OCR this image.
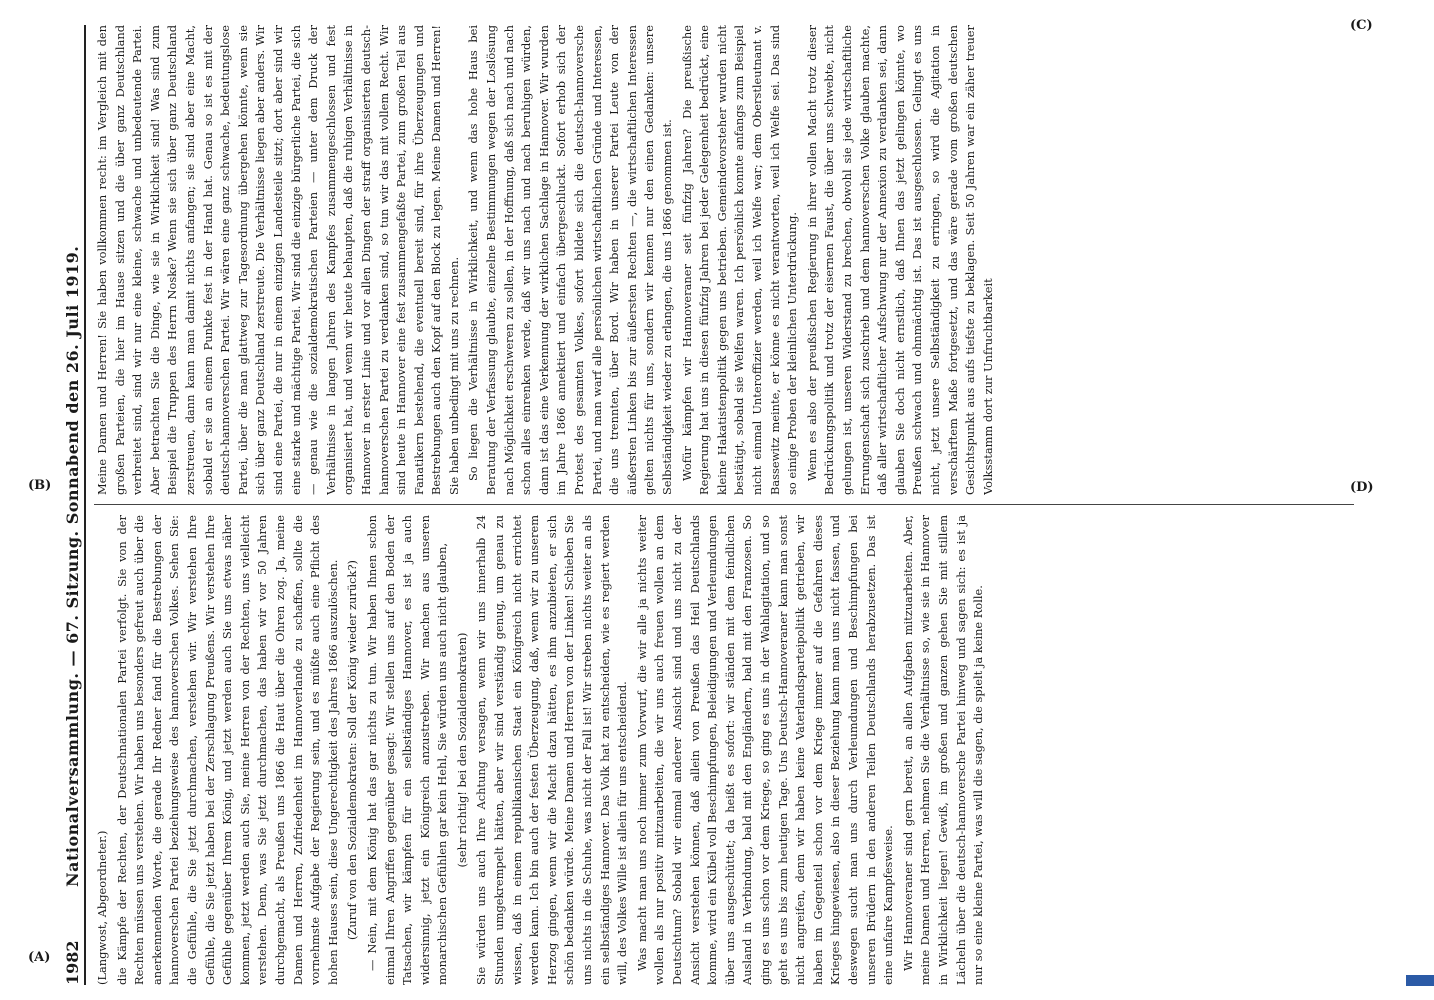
1982
Nationalversammlung. — 67. Sitzung. Sonnabend den 26. Juli 1919.

(Langwost, Abgeordneter.) die Kämpfe der Rechten, der Deutschnationalen Partei verfolgt. Sie von der Rechten müssen uns verstehen. Wir haben uns besonders gefreut auch über die anerkennenden Worte, die gerade Ihr Redner fand für die Bestrebungen der hannoverschen Partei beziehungsweise des hannoverschen Volkes. Sehen Sie: die Gefühle, die Sie jetzt durchmachen, verstehen wir. Wir verstehen Ihre Gefühle, die Sie jetzt haben bei der Zerschlagung Preußens. Wir verstehen Ihre Gefühle gegenüber Ihrem König, und jetzt werden auch Sie uns etwas näher kommen, jetzt werden auch Sie, meine Herren von der Rechten, uns vielleicht verstehen. Denn, was Sie jetzt durchmachen, das haben wir vor 50 Jahren durchgemacht, als Preußen uns 1866 die Haut über die Ohren zog. Ja, meine Damen und Herren, Zufriedenheit im Hannoverlande zu schaffen, sollte die vornehmste Aufgabe der Regierung sein, und es müßte auch eine Pflicht des hohen Hauses sein, diese Ungerechtigkeit des Jahres 1866 auszulöschen. (Zuruf von den Sozialdemokraten: Soll der König wieder zurück?) — Nein, mit dem König hat das gar nichts zu tun. Wir haben Ihnen schon einmal Ihren Angriffen gegenüber gesagt: Wir stellen uns auf den Boden der Tatsachen, wir kämpfen für ein selbständiges Hannover, es ist ja auch widersinnig, jetzt ein Königreich anzustreben. Wir machen aus unseren monarchischen Gefühlen gar kein Hehl, Sie würden uns auch nicht glauben, (sehr richtig! bei den Sozialdemokraten) Sie würden uns auch Ihre Achtung versagen, wenn wir uns innerhalb 24 Stunden umgekrempelt hätten, aber wir sind verständig genug, um genau zu wissen, daß in einem republikanischen Staat ein Königreich nicht errichtet werden kann. Ich bin auch der festen Überzeugung, daß, wenn wir zu unserem Herzog gingen, wenn wir die Macht dazu hätten, es ihm anzubieten, er sich schön bedanken würde. Meine Damen und Herren von der Linken! Schieben Sie uns nichts in die Schuhe, was nicht der Fall ist! Wir streben nichts weiter an als ein selbständiges Hannover. Das Volk hat zu entscheiden, wie es regiert werden will, des Volkes Wille ist allein für uns entscheidend. Was macht man uns noch immer zum Vorwurf, die wir alle ja nichts weiter wollen als nur positiv mitzuarbeiten, die wir uns auch freuen wollen an dem Deutschtum? Sobald wir einmal anderer Ansicht sind und uns nicht zu der Ansicht verstehen können, daß allein von Preußen das Heil Deutschlands komme, wird ein Kübel voll Beschimpfungen, Beleidigungen und Verleumdungen über uns ausgeschüttet; da heißt es sofort: wir ständen mit dem feindlichen Ausland in Verbindung, bald mit den Engländern, bald mit den Franzosen. So ging es uns schon vor dem Kriege, so ging es uns in der Wahlagitation, und so geht es uns bis zum heutigen Tage. Uns Deutsch-Hannoveraner kann man sonst nicht angreifen, denn wir haben keine Vaterlandsparteipolitik getrieben, wir haben im Gegenteil schon vor dem Kriege immer auf die Gefahren dieses Krieges hingewiesen, also in dieser Beziehung kann man uns nicht fassen, und deswegen sucht man uns durch Verleumdungen und Beschimpfungen bei unseren Brüdern in den anderen Teilen Deutschlands herabzusetzen. Das ist eine unfaire Kampfesweise. Wir Hannoveraner sind gern bereit, an allen Aufgaben mitzuarbeiten. Aber, meine Damen und Herren, nehmen Sie die Verhältnisse so, wie sie in Hannover in Wirklichkeit liegen! Gewiß, im großen und ganzen gehen Sie mit stillem Lächeln über die deutsch-hannoversche Partei hinweg und sagen sich: es ist ja nur so eine kleine Partei, was will die sagen, die spielt ja keine Rolle.

Meine Damen und Herren! Sie haben vollkommen recht: im Vergleich mit den großen Parteien, die hier im Hause sitzen und die über ganz Deutschland verbreitet sind, sind wir nur eine kleine, schwache und unbedeutende Partei. Aber betrachten Sie die Dinge, wie sie in Wirklichkeit sind! Was sind zum Beispiel die Truppen des Herrn Noske? Wenn sie sich über ganz Deutschland zerstreuen, dann kann man damit nichts anfangen; sie sind aber eine Macht, sobald er sie an einem Punkte fest in der Hand hat. Genau so ist es mit der deutsch-hannoverschen Partei. Wir wären eine ganz schwache, bedeutungslose Partei, über die man glattweg zur Tagesordnung übergehen könnte, wenn sie sich über ganz Deutschland zerstreute. Die Verhältnisse liegen aber anders. Wir sind eine Partei, die nur in einem einzigen Landesteile sitzt; dort aber sind wir eine starke und mächtige Partei. Wir sind die einzige bürgerliche Partei, die sich — genau wie die sozialdemokratischen Parteien — unter dem Druck der Verhältnisse in langen Jahren des Kampfes zusammengeschlossen und fest organisiert hat, und wenn wir heute behaupten, daß die ruhigen Verhältnisse in Hannover in erster Linie und vor allen Dingen der straff organisierten deutsch-hannoverschen Partei zu verdanken sind, so tun wir das mit vollem Recht. Wir sind heute in Hannover eine fest zusammengefaßte Partei, zum großen Teil aus Fanatikern bestehend, die eventuell bereit sind, für ihre Überzeugungen und Bestrebungen auch den Kopf auf den Block zu legen. Meine Damen und Herren! Sie haben unbedingt mit uns zu rechnen. So liegen die Verhältnisse in Wirklichkeit, und wenn das hohe Haus bei Beratung der Verfassung glaubte, einzelne Bestimmungen wegen der Loslösung nach Möglichkeit erschweren zu sollen, in der Hoffnung, daß sich nach und nach schon alles einrenken werde, daß wir uns nach und nach beruhigen würden, dann ist das eine Verkennung der wirklichen Sachlage in Hannover. Wir wurden im Jahre 1866 annektiert und einfach übergeschluckt. Sofort erhob sich der Protest des gesamten Volkes, sofort bildete sich die deutsch-hannoversche Partei, und man warf alle persönlichen wirtschaftlichen Gründe und Interessen, die uns trennten, über Bord. Wir haben in unserer Partei Leute von der äußersten Linken bis zur äußersten Rechten —, die wirtschaftlichen Interessen gelten nichts für uns, sondern wir kennen nur den einen Gedanken: unsere Selbständigkeit wieder zu erlangen, die uns 1866 genommen ist. Wofür kämpfen wir Hannoveraner seit fünfzig Jahren? Die preußische Regierung hat uns in diesen fünfzig Jahren bei jeder Gelegenheit bedrückt, eine kleine Hakatistenpolitik gegen uns betrieben. Gemeindevorsteher wurden nicht bestätigt, sobald sie Welfen waren. Ich persönlich konnte anfangs zum Beispiel nicht einmal Unteroffizier werden, weil ich Welfe war; dem Oberstleutnant v. Bassewitz meinte, er könne es nicht verantworten, weil ich Welfe sei. Das sind so einige Proben der kleinlichen Unterdrückung. Wenn es also der preußischen Regierung in ihrer vollen Macht trotz dieser Bedrückungspolitik und trotz der eisernen Faust, die über uns schwebte, nicht gelungen ist, unseren Widerstand zu brechen, obwohl sie jede wirtschaftliche Errungenschaft sich zuschrieb und dem hannoverschen Volke glauben machte, daß aller wirtschaftlicher Aufschwung nur der Annexion zu verdanken sei, dann glauben Sie doch nicht ernstlich, daß Ihnen das jetzt gelingen könnte, wo Preußen schwach und ohnmächtig ist. Das ist ausgeschlossen. Gelingt es uns nicht, jetzt unsere Selbständigkeit zu erringen, so wird die Agitation in verschärftem Maße fortgesetzt, und das wäre gerade vom großen deutschen Gesichtspunkt aus aufs tiefste zu beklagen. Seit 50 Jahren war ein zäher treuer Volksstamm dort zur Unfruchtbarkeit

(A)
(B)
(C)
(D)
